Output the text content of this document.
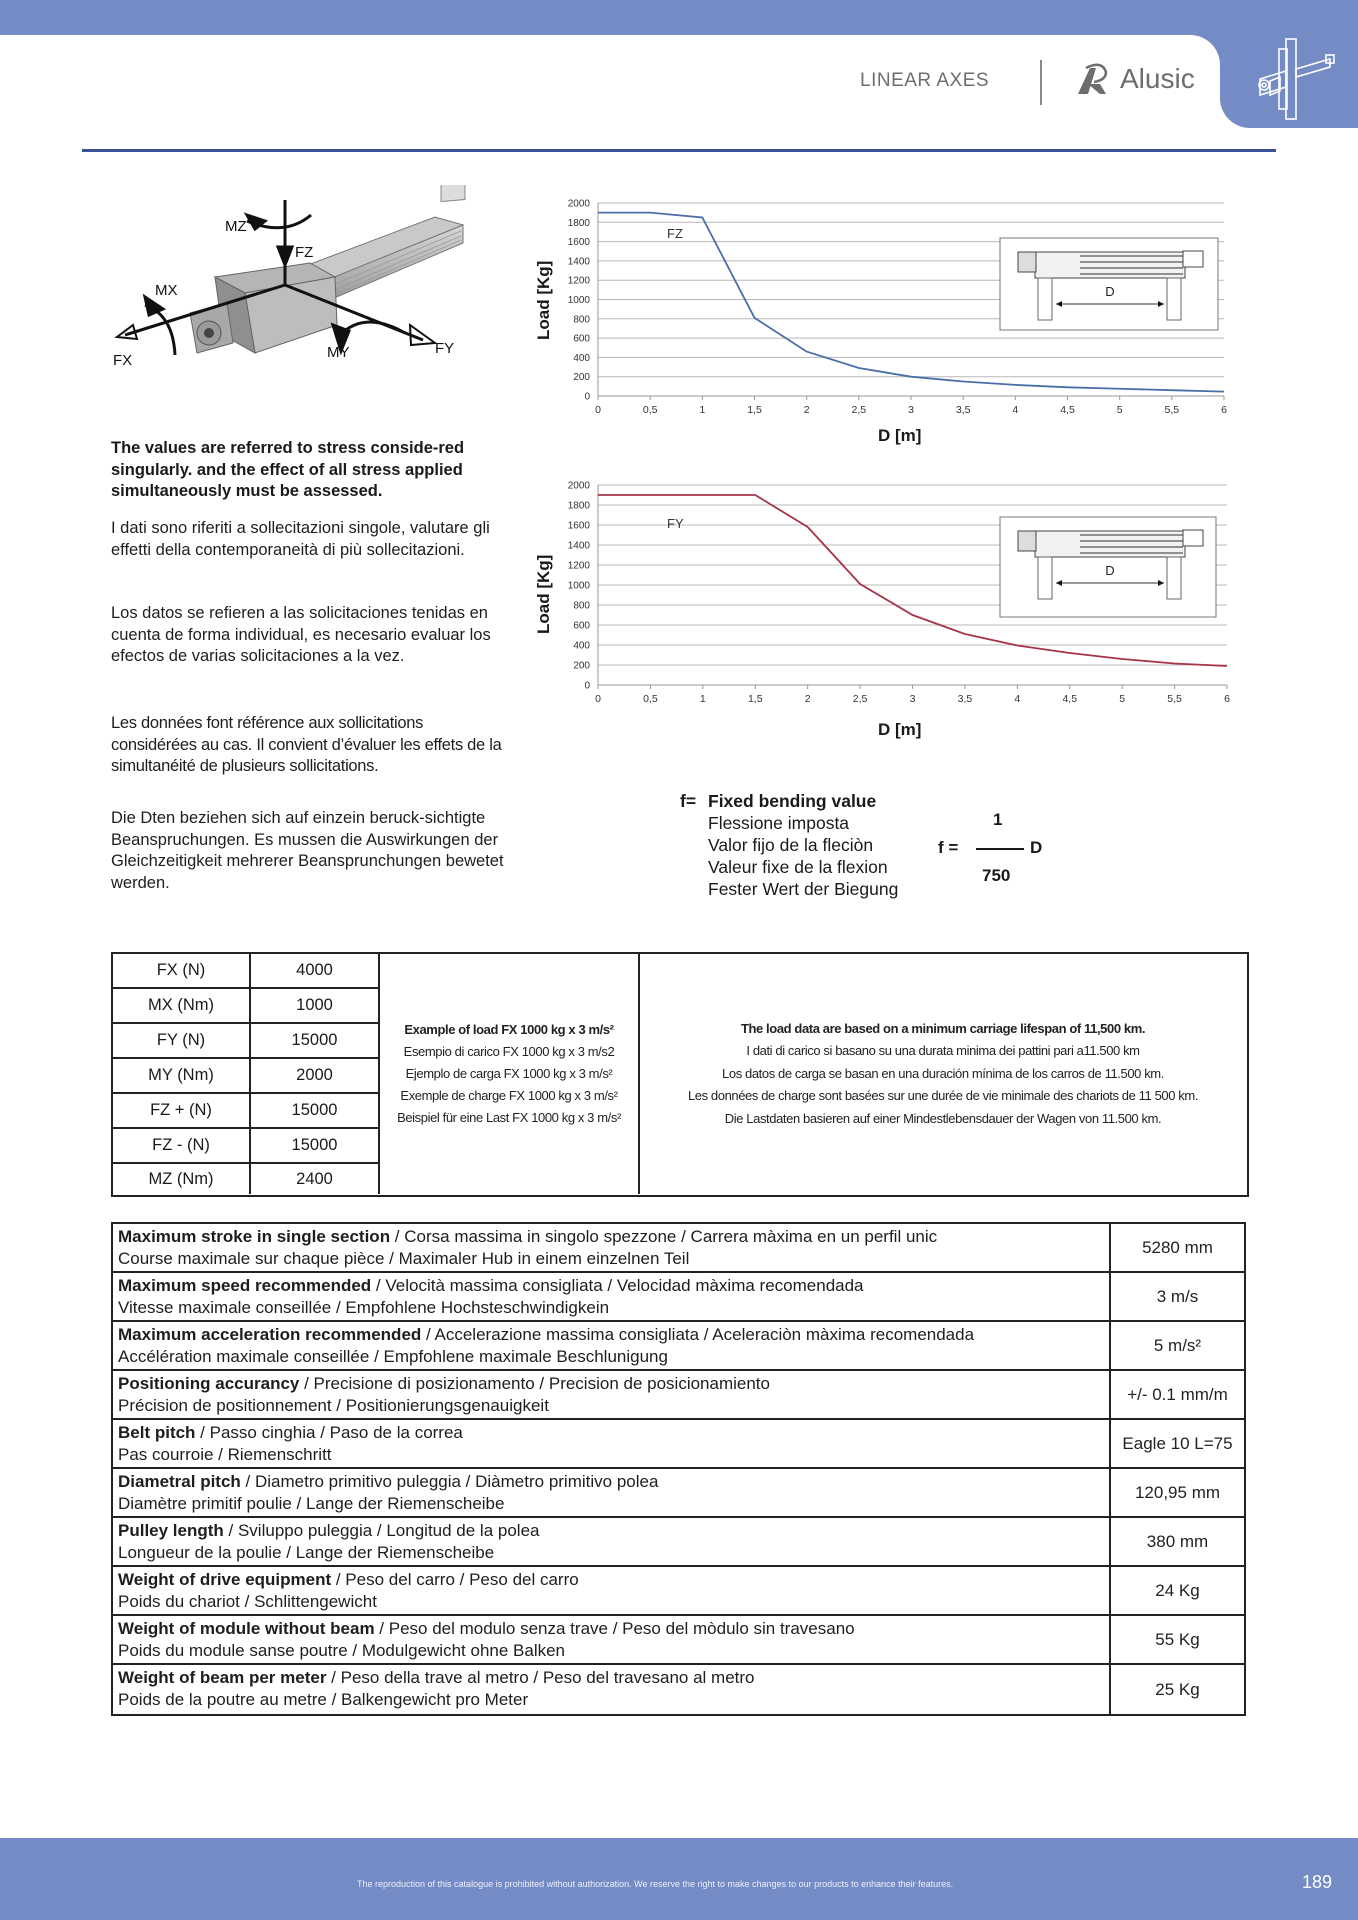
LINEAR AXES	Alusic
MZ
FZ
MX
FX	MY	FY
The values are referred to stress conside-red singularly. and the effect of all stress applied simultaneously must be assessed.
I dati sono riferiti a sollecitazioni singole, valutare gli effetti della contemporaneità di più sollecitazioni.
Los datos se refieren a las solicitaciones tenidas en cuenta de forma individual, es necesario evaluar los efectos de varias solicitaciones a la vez.
Les données font référence aux sollicitations considérées au cas. Il convient d’évaluer les effets de la simultanéité de plusieurs sollicitations.
Die Dten beziehen sich auf einzein beruck-sichtigte Beanspruchungen. Es mussen die Auswirkungen der Gleichzeitigkeit mehrerer Beansprunchungen bewetet werden.
0
200
400
600
800
1000
1200
1400
1600
1800
2000
0	0,5	1	1,5	2	2,5	3	3,5	4	4,5	5	5,5	6
D
FZ
Load [Kg]
D [m]
0
200
400
600
800
1000
1200
1400
1600
1800
2000
0	0,5	1	1,5	2	2,5	3	3,5	4	4,5	5	5,5	6
D
FY
Load [Kg]
D [m]
f= Fixed bending value
Flessione imposta
Valor fijo de la fleciòn
Valeur fixe de la flexion
Fester Wert der Biegung
1
f =	D
750
FX (N)	4000
MX (Nm)	1000
FY (N)	15000
MY (Nm)	2000
FZ + (N)	15000
FZ - (N)	15000
MZ (Nm)	2400
Example of load FX 1000 kg x 3 m/s²
Esempio di carico FX 1000 kg x 3 m/s2
Ejemplo de carga FX 1000 kg x 3 m/s²
Exemple de charge FX 1000 kg x 3 m/s²
Beispiel für eine Last FX 1000 kg x 3 m/s²
The load data are based on a minimum carriage lifespan of 11,500 km.
I dati di carico si basano su una durata minima dei pattini pari a11.500 km
Los datos de carga se basan en una duración mínima de los carros de 11.500 km.
Les données de charge sont basées sur une durée de vie minimale des chariots de 11 500 km.
Die Lastdaten basieren auf einer Mindestlebensdauer der Wagen von 11.500 km.
Maximum stroke in single section / Corsa massima in singolo spezzone / Carrera màxima en un perfil unic
Course maximale sur chaque pièce / Maximaler Hub in einem einzelnen Teil
5280 mm
Maximum speed recommended / Velocità massima consigliata / Velocidad màxima recomendada
Vitesse maximale conseillée / Empfohlene Hochsteschwindigkein
3 m/s
Maximum acceleration recommended / Accelerazione massima consigliata / Aceleraciòn màxima recomendada
Accélération maximale conseillée / Empfohlene maximale Beschlunigung
5 m/s²
Positioning accurancy / Precisione di posizionamento / Precision de posicionamiento
Précision de positionnement / Positionierungsgenauigkeit
+/- 0.1 mm/m
Belt pitch / Passo cinghia / Paso de la correa
Pas courroie / Riemenschritt
Eagle 10 L=75
Diametral pitch / Diametro primitivo puleggia / Diàmetro primitivo polea
Diamètre primitif poulie / Lange der Riemenscheibe
120,95 mm
Pulley length / Sviluppo puleggia / Longitud de la polea
Longueur de la poulie / Lange der Riemenscheibe
380 mm
Weight of drive equipment / Peso del carro / Peso del carro
Poids du chariot / Schlittengewicht
24 Kg
Weight of module without beam / Peso del modulo senza trave / Peso del mòdulo sin travesano
Poids du module sanse poutre / Modulgewicht ohne Balken
55 Kg
Weight of beam per meter / Peso della trave al metro / Peso del travesano al metro
Poids de la poutre au metre / Balkengewicht pro Meter
25 Kg
The reproduction of this catalogue is prohibited without authorization. We reserve the right to make changes to our products to enhance their features.	189
